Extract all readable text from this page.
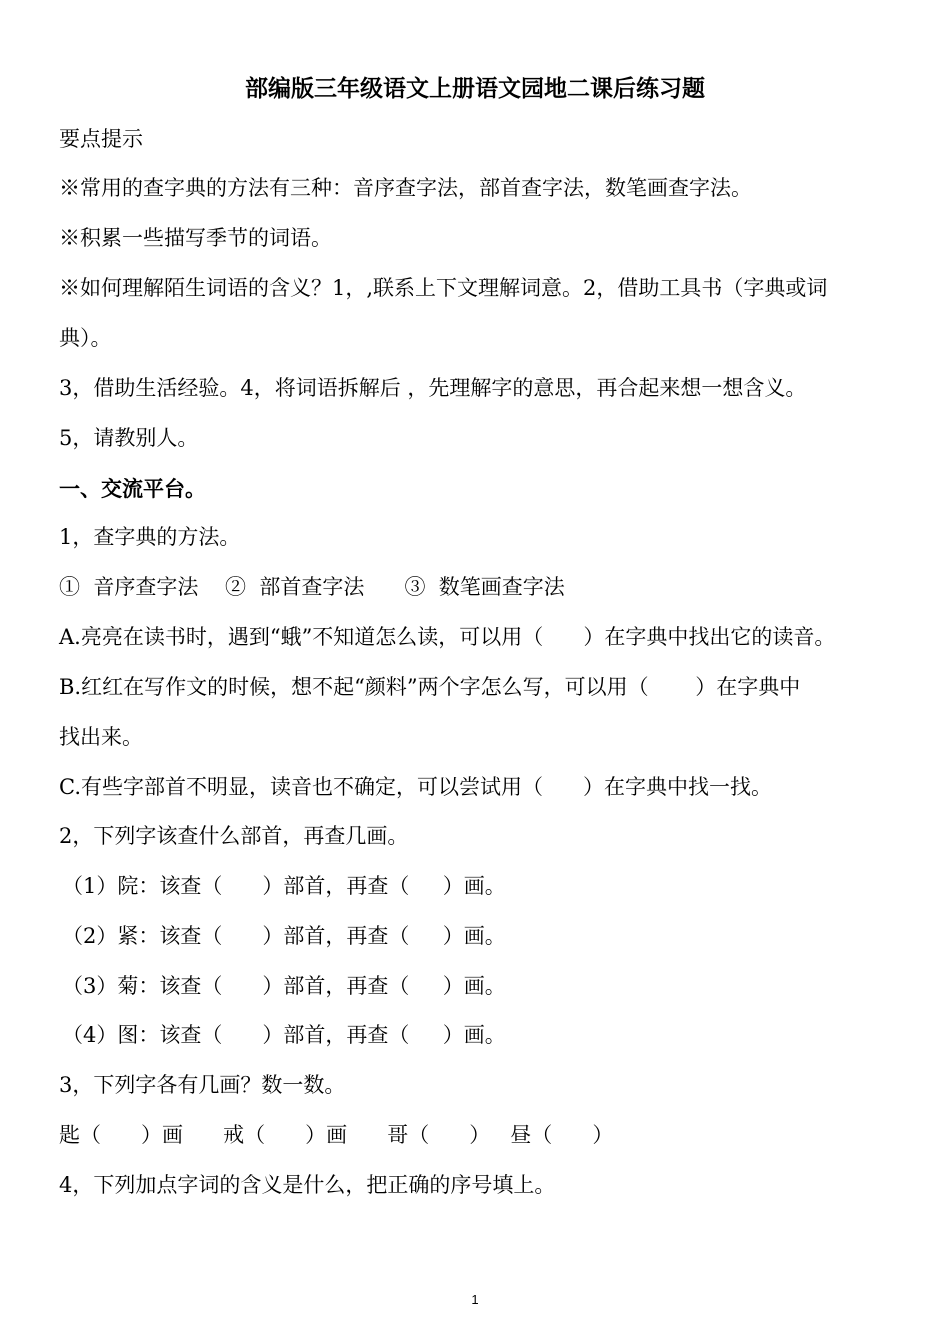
部编版三年级语文上册语文园地二课后练习题
要点提示
※常用的查字典的方法有三种：音序查字法，部首查字法，数笔画查字法。
※积累一些描写季节的词语。
※如何理解陌生词语的含义？1，,联系上下文理解词意。2，借助工具书（字典或词
典）。
3，借助生活经验。4，将词语拆解后 ，先理解字的意思，再合起来想一想含义。
5，请教别人。
一、交流平台。
1，查字典的方法。
①  音序查字法    ②  部首查字法      ③  数笔画查字法
A.亮亮在读书时，遇到“蛾”不知道怎么读，可以用（      ）在字典中找出它的读音。
B.红红在写作文的时候，想不起“颜料”两个字怎么写，可以用（       ）在字典中
找出来。
C.有些字部首不明显，读音也不确定，可以尝试用（      ）在字典中找一找。
2，下列字该查什么部首，再查几画。
（1）院：该查（      ）部首，再查（     ）画。
（2）紧：该查（      ）部首，再查（     ）画。
（3）菊：该查（      ）部首，再查（     ）画。
（4）图：该查（      ）部首，再查（     ）画。
3，下列字各有几画？数一数。
匙（      ）画      戒（      ）画      哥（      ）   昼（      ）
4，下列加点字词的含义是什么，把正确的序号填上。
1
